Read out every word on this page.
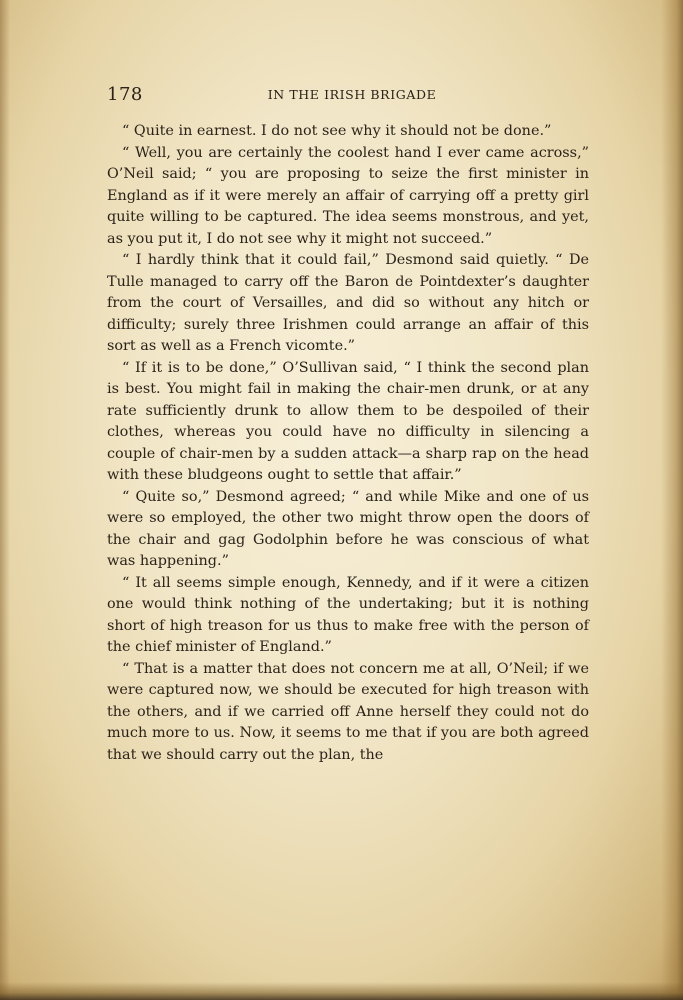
178	IN THE IRISH BRIGADE

“ Quite in earnest. I do not see why it should not be done.”

“ Well, you are certainly the coolest hand I ever came across,” O’Neil said; “ you are proposing to seize the first minister in England as if it were merely an affair of carrying off a pretty girl quite willing to be captured. The idea seems monstrous, and yet, as you put it, I do not see why it might not succeed.”

“ I hardly think that it could fail,” Desmond said quietly. “ De Tulle managed to carry off the Baron de Pointdexter’s daughter from the court of Versailles, and did so without any hitch or difficulty; surely three Irishmen could arrange an affair of this sort as well as a French vicomte.”

“ If it is to be done,” O’Sullivan said, “ I think the second plan is best. You might fail in making the chair-men drunk, or at any rate sufficiently drunk to allow them to be despoiled of their clothes, whereas you could have no difficulty in silencing a couple of chair-men by a sudden attack—a sharp rap on the head with these bludgeons ought to settle that affair.”

“ Quite so,” Desmond agreed; “ and while Mike and one of us were so employed, the other two might throw open the doors of the chair and gag Godolphin before he was conscious of what was happening.”

“ It all seems simple enough, Kennedy, and if it were a citizen one would think nothing of the undertaking; but it is nothing short of high treason for us thus to make free with the person of the chief minister of England.”

“ That is a matter that does not concern me at all, O’Neil; if we were captured now, we should be executed for high treason with the others, and if we carried off Anne herself they could not do much more to us. Now, it seems to me that if you are both agreed that we should carry out the plan, the
